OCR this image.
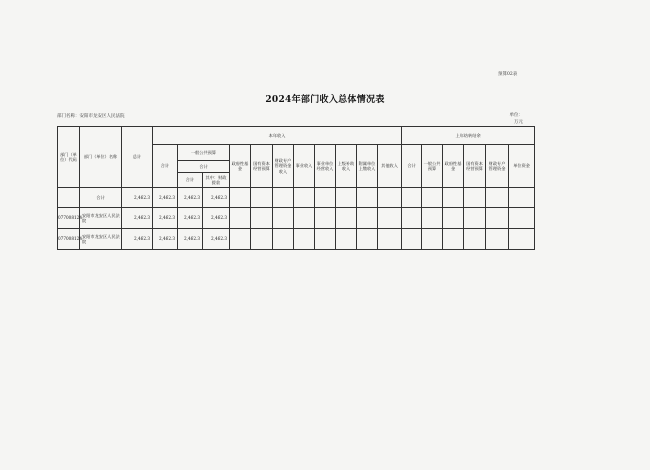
预算02表
2024年部门收入总体情况表
部门名称：安阳市龙安区人民法院	单位：
万元
部门（单位）代码	部门（单位）名称	总计	本年收入											上年结转结余					
			合计	一般公共预算		政府性基金	国有资本经营预算	财政专户管理资金收入	事业收入	事业单位经营收入	上级补助收入	附属单位上缴收入	其他收入	合计	一般公共预算	政府性基金	国有资本经营预算	财政专户管理资金	单位资金
				合计															
				合计	其中：财政拨款														
	合计	2,462.3	2,462.3	2,462.3	2,462.3														
077008124	安阳市龙安区人民法院	2,462.3	2,462.3	2,462.3	2,462.3														
077008124	安阳市龙安区人民法院	2,462.3	2,462.3	2,462.3	2,462.3														
